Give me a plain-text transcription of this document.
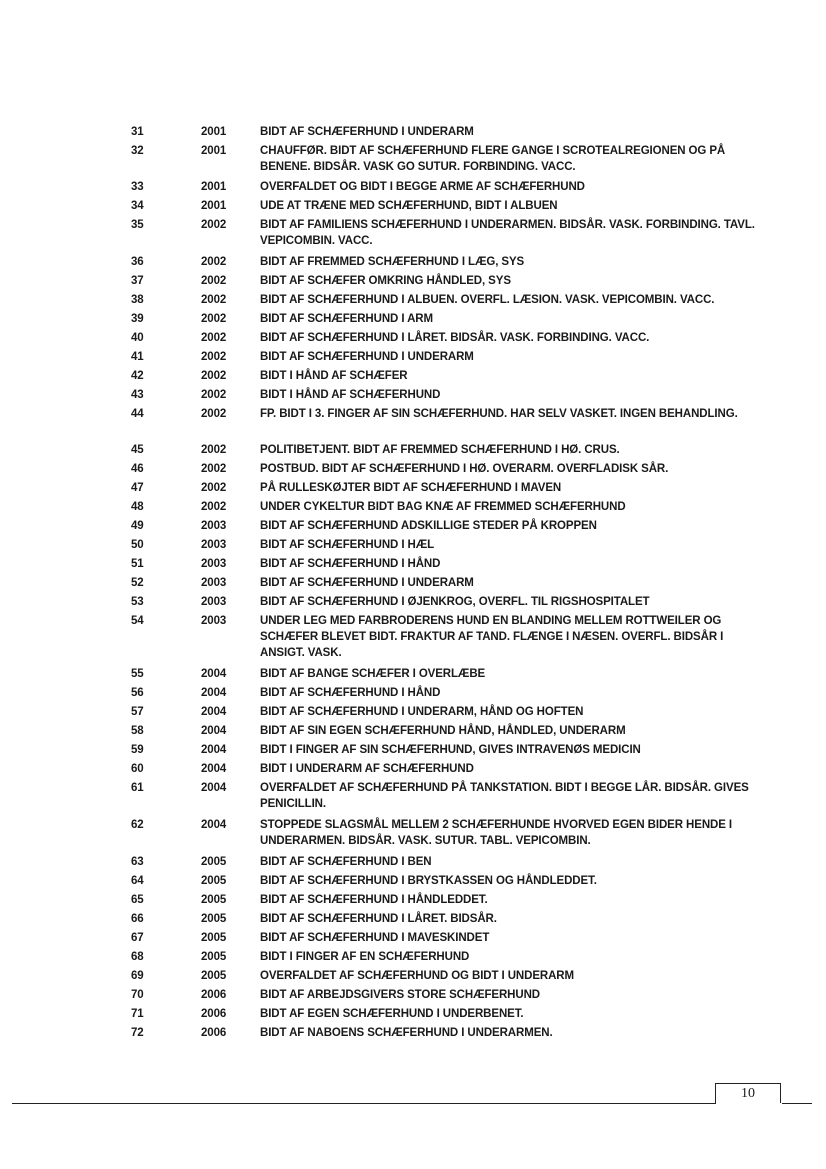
31	2001	BIDT AF SCHÆFERHUND I UNDERARM
32	2001	CHAUFFØR. BIDT AF SCHÆFERHUND FLERE GANGE I SCROTEALREGIONEN OG PÅ BENENE. BIDSÅR. VASK GO SUTUR. FORBINDING. VACC.
33	2001	OVERFALDET OG BIDT I BEGGE ARME AF SCHÆFERHUND
34	2001	UDE AT TRÆNE MED SCHÆFERHUND, BIDT I ALBUEN
35	2002	BIDT AF FAMILIENS SCHÆFERHUND I UNDERARMEN. BIDSÅR. VASK. FORBINDING. TAVL. VEPICOMBIN. VACC.
36	2002	BIDT AF FREMMED SCHÆFERHUND I LÆG, SYS
37	2002	BIDT AF SCHÆFER OMKRING HÅNDLED, SYS
38	2002	BIDT AF SCHÆFERHUND I ALBUEN. OVERFL. LÆSION. VASK. VEPICOMBIN. VACC.
39	2002	BIDT AF SCHÆFERHUND I ARM
40	2002	BIDT AF SCHÆFERHUND I LÅRET. BIDSÅR. VASK. FORBINDING. VACC.
41	2002	BIDT AF SCHÆFERHUND I UNDERARM
42	2002	BIDT I HÅND AF SCHÆFER
43	2002	BIDT I HÅND AF SCHÆFERHUND
44	2002	FP. BIDT I 3. FINGER AF SIN SCHÆFERHUND. HAR SELV VASKET. INGEN BEHANDLING.
45	2002	POLITIBETJENT. BIDT AF FREMMED SCHÆFERHUND I HØ. CRUS.
46	2002	POSTBUD. BIDT AF SCHÆFERHUND I HØ. OVERARM. OVERFLADISK SÅR.
47	2002	PÅ RULLESKØJTER BIDT AF SCHÆFERHUND I MAVEN
48	2002	UNDER CYKELTUR BIDT BAG KNÆ AF FREMMED SCHÆFERHUND
49	2003	BIDT AF SCHÆFERHUND ADSKILLIGE STEDER PÅ KROPPEN
50	2003	BIDT AF SCHÆFERHUND I HÆL
51	2003	BIDT AF SCHÆFERHUND I HÅND
52	2003	BIDT AF SCHÆFERHUND I UNDERARM
53	2003	BIDT AF SCHÆFERHUND I ØJENKROG, OVERFL. TIL RIGSHOSPITALET
54	2003	UNDER LEG MED FARBRODERENS HUND EN BLANDING MELLEM ROTTWEILER OG SCHÆFER BLEVET BIDT. FRAKTUR AF TAND. FLÆNGE I NÆSEN. OVERFL. BIDSÅR I ANSIGT. VASK.
55	2004	BIDT AF BANGE SCHÆFER I OVERLÆBE
56	2004	BIDT AF SCHÆFERHUND I HÅND
57	2004	BIDT AF SCHÆFERHUND I UNDERARM, HÅND OG HOFTEN
58	2004	BIDT AF SIN EGEN SCHÆFERHUND HÅND, HÅNDLED, UNDERARM
59	2004	BIDT I FINGER AF SIN SCHÆFERHUND, GIVES INTRAVENØS MEDICIN
60	2004	BIDT I UNDERARM AF SCHÆFERHUND
61	2004	OVERFALDET AF SCHÆFERHUND PÅ TANKSTATION. BIDT I BEGGE LÅR. BIDSÅR. GIVES PENICILLIN.
62	2004	STOPPEDE SLAGSMÅL MELLEM 2 SCHÆFERHUNDE HVORVED EGEN BIDER HENDE I UNDERARMEN. BIDSÅR. VASK. SUTUR. TABL. VEPICOMBIN.
63	2005	BIDT AF SCHÆFERHUND I BEN
64	2005	BIDT AF SCHÆFERHUND I BRYSTKASSEN OG HÅNDLEDDET.
65	2005	BIDT AF SCHÆFERHUND I HÅNDLEDDET.
66	2005	BIDT AF SCHÆFERHUND I LÅRET. BIDSÅR.
67	2005	BIDT AF SCHÆFERHUND I MAVESKINDET
68	2005	BIDT I FINGER AF EN SCHÆFERHUND
69	2005	OVERFALDET AF SCHÆFERHUND OG BIDT I UNDERARM
70	2006	BIDT AF ARBEJDSGIVERS STORE SCHÆFERHUND
71	2006	BIDT AF EGEN SCHÆFERHUND I UNDERBENET.
72	2006	BIDT AF NABOENS SCHÆFERHUND I UNDERARMEN.
10
